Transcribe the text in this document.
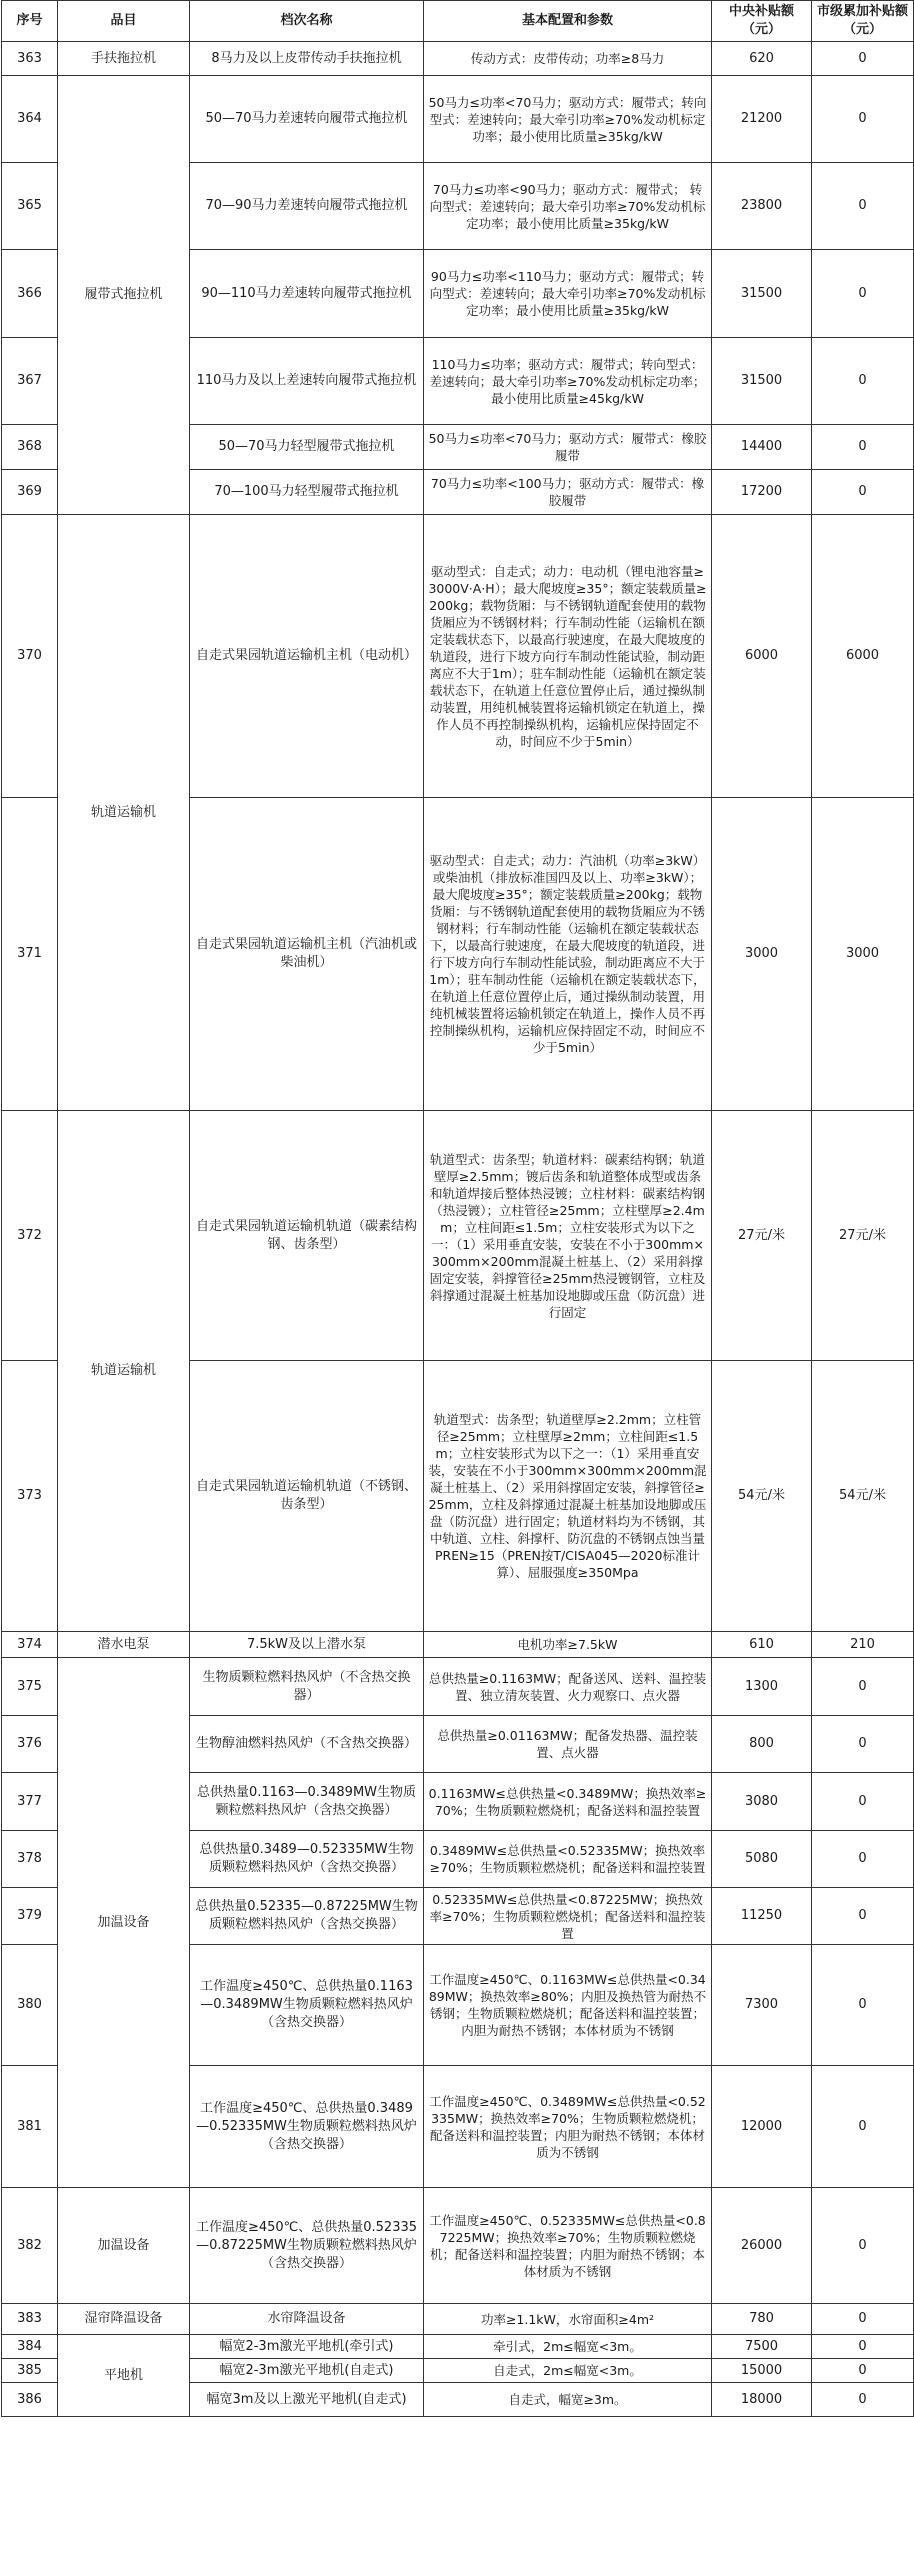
序号	品目	档次名称	基本配置和参数	中央补贴额（元）	市级累加补贴额（元）
363	手扶拖拉机	8马力及以上皮带传动手扶拖拉机	传动方式：皮带传动；功率≥8马力	620	0
364	履带式拖拉机	50—70马力差速转向履带式拖拉机	50马力≤功率<70马力；驱动方式：履带式；转向型式：差速转向；最大牵引功率≥70%发动机标定功率；最小使用比质量≥35kg/kW	21200	0
365		70—90马力差速转向履带式拖拉机	70马力≤功率<90马力；驱动方式：履带式； 转向型式：差速转向；最大牵引功率≥70%发动机标定功率；最小使用比质量≥35kg/kW	23800	0
366		90—110马力差速转向履带式拖拉机	90马力≤功率<110马力；驱动方式：履带式；转向型式：差速转向；最大牵引功率≥70%发动机标定功率；最小使用比质量≥35kg/kW	31500	0
367		110马力及以上差速转向履带式拖拉机	110马力≤功率；驱动方式：履带式；转向型式：差速转向；最大牵引功率≥70%发动机标定功率；最小使用比质量≥45kg/kW	31500	0
368		50—70马力轻型履带式拖拉机	50马力≤功率<70马力；驱动方式：履带式：橡胶履带	14400	0
369		70—100马力轻型履带式拖拉机	70马力≤功率<100马力；驱动方式：履带式：橡胶履带	17200	0
370	轨道运输机	自走式果园轨道运输机主机（电动机）	驱动型式：自走式；动力：电动机（锂电池容量≥3000V·A·H）；最大爬坡度≥35°；额定装载质量≥200kg；载物货厢：与不锈钢轨道配套使用的载物货厢应为不锈钢材料；行车制动性能（运输机在额定装载状态下，以最高行驶速度，在最大爬坡度的轨道段，进行下坡方向行车制动性能试验，制动距离应不大于1m）；驻车制动性能（运输机在额定装载状态下，在轨道上任意位置停止后，通过操纵制动装置，用纯机械装置将运输机锁定在轨道上，操作人员不再控制操纵机构，运输机应保持固定不动，时间应不少于5min）	6000	6000
371		自走式果园轨道运输机主机（汽油机或柴油机）	驱动型式：自走式；动力：汽油机（功率≥3kW）或柴油机（排放标准国四及以上、功率≥3kW）；最大爬坡度≥35°；额定装载质量≥200kg；载物货厢：与不锈钢轨道配套使用的载物货厢应为不锈钢材料；行车制动性能（运输机在额定装载状态下，以最高行驶速度，在最大爬坡度的轨道段，进行下坡方向行车制动性能试验，制动距离应不大于1m）；驻车制动性能（运输机在额定装载状态下，在轨道上任意位置停止后，通过操纵制动装置，用纯机械装置将运输机锁定在轨道上，操作人员不再控制操纵机构，运输机应保持固定不动，时间应不少于5min）	3000	3000
372	轨道运输机	自走式果园轨道运输机轨道（碳素结构钢、齿条型）	轨道型式：齿条型；轨道材料：碳素结构钢；轨道壁厚≥2.5mm；镀后齿条和轨道整体成型或齿条和轨道焊接后整体热浸镀；立柱材料：碳素结构钢（热浸镀）；立柱管径≥25mm；立柱壁厚≥2.4mm；立柱间距≤1.5m；立柱安装形式为以下之一：（1）采用垂直安装，安装在不小于300mm×300mm×200mm混凝土桩基上、（2）采用斜撑固定安装，斜撑管径≥25mm热浸镀钢管，立柱及斜撑通过混凝土桩基加设地脚或压盘（防沉盘）进行固定	27元/米	27元/米
373		自走式果园轨道运输机轨道（不锈钢、齿条型）	轨道型式：齿条型；轨道壁厚≥2.2mm；立柱管径≥25mm；立柱壁厚≥2mm；立柱间距≤1.5m；立柱安装形式为以下之一：（1）采用垂直安装，安装在不小于300mm×300mm×200mm混凝土桩基上、（2）采用斜撑固定安装，斜撑管径≥25mm，立柱及斜撑通过混凝土桩基加设地脚或压盘（防沉盘）进行固定；轨道材料均为不锈钢，其中轨道、立柱、斜撑杆、防沉盘的不锈钢点蚀当量PREN≥15（PREN按T/CISA045—2020标准计算）、屈服强度≥350Mpa	54元/米	54元/米
374	潜水电泵	7.5kW及以上潜水泵	电机功率≥7.5kW	610	210
375	加温设备	生物质颗粒燃料热风炉（不含热交换器）	总供热量≥0.1163MW；配备送风、送料、温控装置、独立清灰装置、火力观察口、点火器	1300	0
376		生物醇油燃料热风炉（不含热交换器）	总供热量≥0.01163MW；配备发热器、温控装置、点火器	800	0
377		总供热量0.1163—0.3489MW生物质颗粒燃料热风炉（含热交换器）	0.1163MW≤总供热量<0.3489MW；换热效率≥70%；生物质颗粒燃烧机；配备送料和温控装置	3080	0
378		总供热量0.3489—0.52335MW生物质颗粒燃料热风炉（含热交换器）	0.3489MW≤总供热量<0.52335MW；换热效率≥70%；生物质颗粒燃烧机；配备送料和温控装置	5080	0
379		总供热量0.52335—0.87225MW生物质颗粒燃料热风炉（含热交换器）	0.52335MW≤总供热量<0.87225MW；换热效率≥70%；生物质颗粒燃烧机；配备送料和温控装置	11250	0
380		工作温度≥450℃、总供热量0.1163—0.3489MW生物质颗粒燃料热风炉（含热交换器）	工作温度≥450℃、0.1163MW≤总供热量<0.3489MW；换热效率≥80%；内胆及换热管为耐热不锈钢；生物质颗粒燃烧机；配备送料和温控装置；内胆为耐热不锈钢；本体材质为不锈钢	7300	0
381		工作温度≥450℃、总供热量0.3489—0.52335MW生物质颗粒燃料热风炉（含热交换器）	工作温度≥450℃、0.3489MW≤总供热量<0.52335MW；换热效率≥70%；生物质颗粒燃烧机；配备送料和温控装置；内胆为耐热不锈钢；本体材质为不锈钢	12000	0
382	加温设备	工作温度≥450℃、总供热量0.52335—0.87225MW生物质颗粒燃料热风炉（含热交换器）	工作温度≥450℃、0.52335MW≤总供热量<0.87225MW；换热效率≥70%；生物质颗粒燃烧机；配备送料和温控装置；内胆为耐热不锈钢；本体材质为不锈钢	26000	0
383	湿帘降温设备	水帘降温设备	功率≥1.1kW，水帘面积≥4m²	780	0
384	平地机	幅宽2-3m激光平地机(牵引式)	牵引式，2m≤幅宽<3m。	7500	0
385		幅宽2-3m激光平地机(自走式)	自走式，2m≤幅宽<3m。	15000	0
386		幅宽3m及以上激光平地机(自走式)	自走式，幅宽≥3m。	18000	0
